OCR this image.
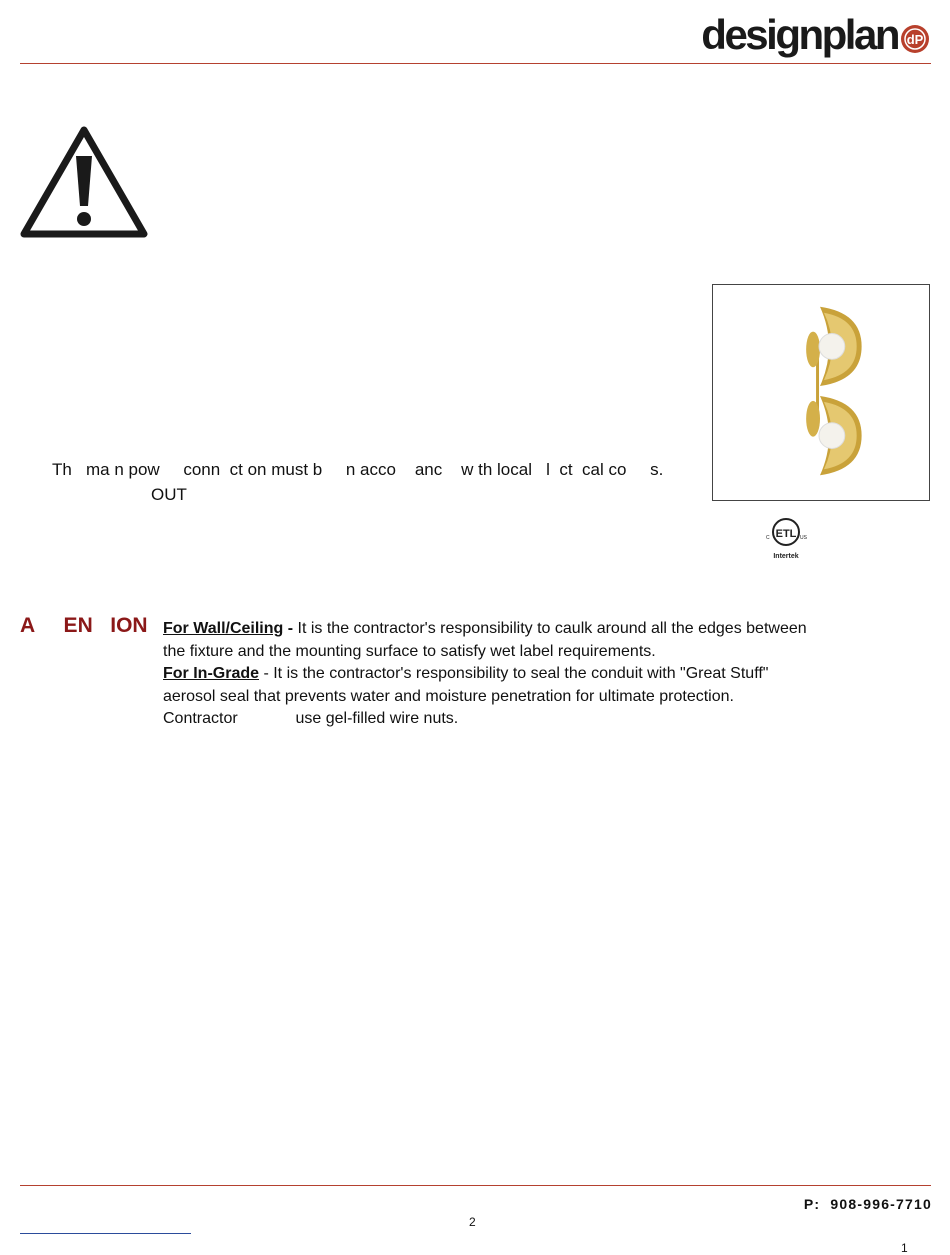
designplan dP
Th   ma n pow     conn  ct on must b     n acco    anc    w th local   l  ct  cal co     s.
OUT
ETL
C	US
Intertek
A     EN   ION For Wall/Ceiling - It is the contractor's responsibility to caulk around all the edges between
the fixture and the mounting surface to satisfy wet label requirements.
For In-Grade - It is the contractor's responsibility to seal the conduit with "Great Stuff"
aerosol seal that prevents water and moisture penetration for ultimate protection.
Contractor             use gel-filled wire nuts.
P:  908-996-7710
2
1
